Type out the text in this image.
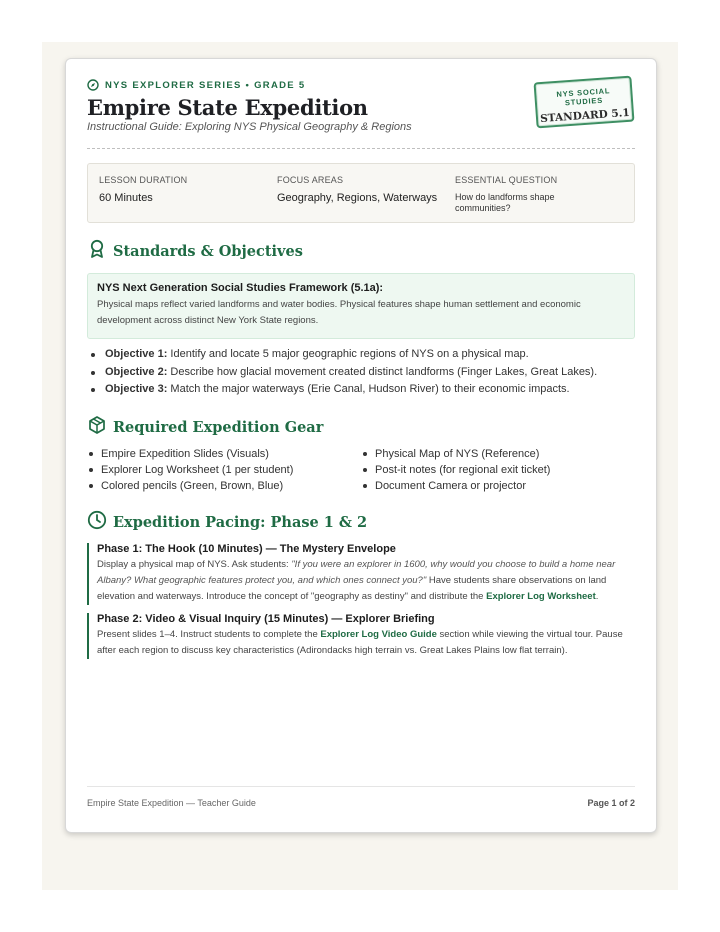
NYS EXPLORER SERIES • GRADE 5
Empire State Expedition
Instructional Guide: Exploring NYS Physical Geography & Regions
NYS SOCIAL STUDIES
STANDARD 5.1
LESSON DURATION
60 Minutes
FOCUS AREAS
Geography, Regions, Waterways
ESSENTIAL QUESTION
How do landforms shape communities?
Standards & Objectives
NYS Next Generation Social Studies Framework (5.1a):
Physical maps reflect varied landforms and water bodies. Physical features shape human settlement and economic development across distinct New York State regions.
Objective 1: Identify and locate 5 major geographic regions of NYS on a physical map.
Objective 2: Describe how glacial movement created distinct landforms (Finger Lakes, Great Lakes).
Objective 3: Match the major waterways (Erie Canal, Hudson River) to their economic impacts.
Required Expedition Gear
Empire Expedition Slides (Visuals)
Explorer Log Worksheet (1 per student)
Colored pencils (Green, Brown, Blue)
Physical Map of NYS (Reference)
Post-it notes (for regional exit ticket)
Document Camera or projector
Expedition Pacing: Phase 1 & 2
Phase 1: The Hook (10 Minutes) — The Mystery Envelope
Display a physical map of NYS. Ask students: "If you were an explorer in 1600, why would you choose to build a home near Albany? What geographic features protect you, and which ones connect you?" Have students share observations on land elevation and waterways. Introduce the concept of "geography as destiny" and distribute the Explorer Log Worksheet.
Phase 2: Video & Visual Inquiry (15 Minutes) — Explorer Briefing
Present slides 1–4. Instruct students to complete the Explorer Log Video Guide section while viewing the virtual tour. Pause after each region to discuss key characteristics (Adirondacks high terrain vs. Great Lakes Plains low flat terrain).
Empire State Expedition — Teacher Guide	Page 1 of 2
